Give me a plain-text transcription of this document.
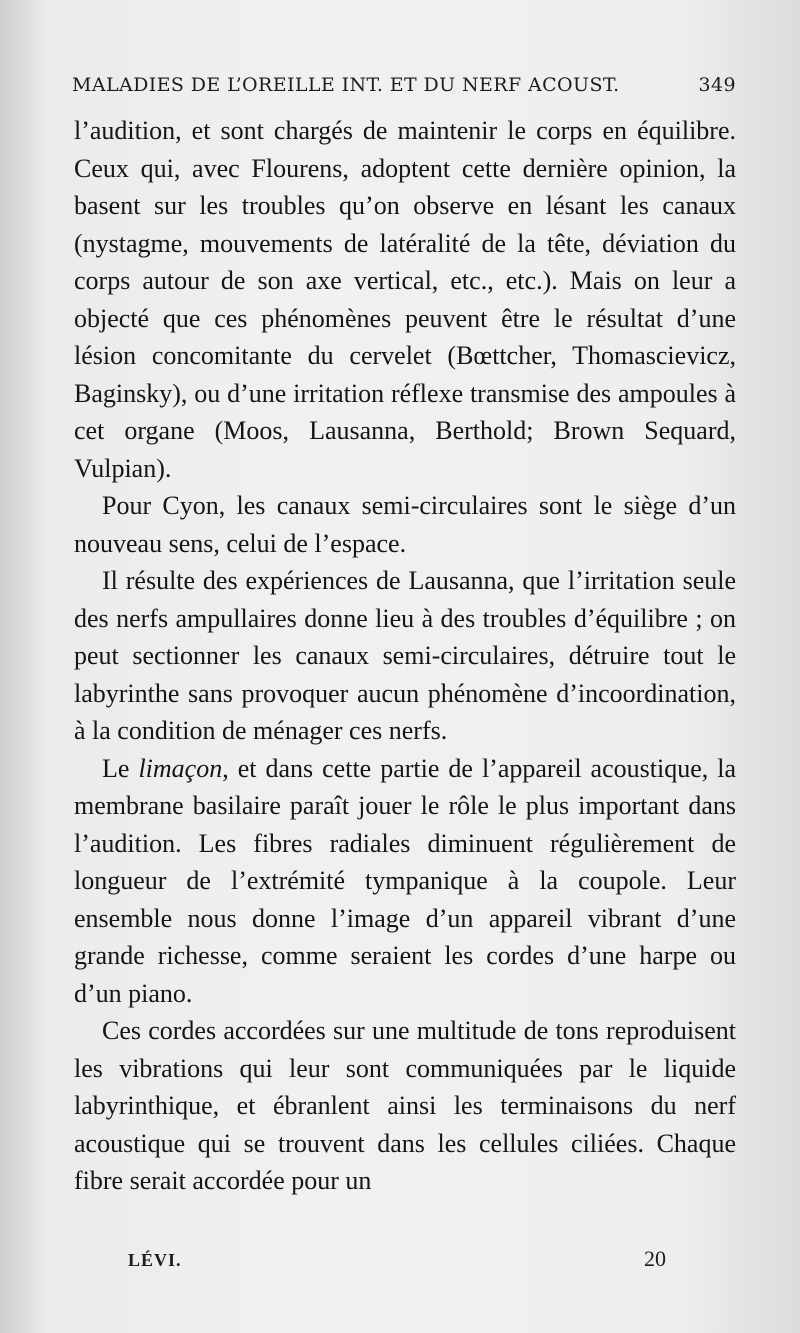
MALADIES DE L’OREILLE INT. ET DU NERF ACOUST.	349

l’audition, et sont chargés de maintenir le corps en équilibre. Ceux qui, avec Flourens, adoptent cette dernière opinion, la basent sur les troubles qu’on observe en lésant les canaux (nystagme, mouvements de latéralité de la tête, déviation du corps autour de son axe vertical, etc., etc.). Mais on leur a objecté que ces phénomènes peuvent être le résultat d’une lésion concomitante du cervelet (Bœttcher, Thomascievicz, Baginsky), ou d’une irritation réflexe transmise des ampoules à cet organe (Moos, Lausanna, Berthold; Brown Sequard, Vulpian).

Pour Cyon, les canaux semi-circulaires sont le siège d’un nouveau sens, celui de l’espace.

Il résulte des expériences de Lausanna, que l’irritation seule des nerfs ampullaires donne lieu à des troubles d’équilibre ; on peut sectionner les canaux semi-circulaires, détruire tout le labyrinthe sans provoquer aucun phénomène d’incoordination, à la condition de ménager ces nerfs.

Le limaçon, et dans cette partie de l’appareil acoustique, la membrane basilaire paraît jouer le rôle le plus important dans l’audition. Les fibres radiales diminuent régulièrement de longueur de l’extrémité tympanique à la coupole. Leur ensemble nous donne l’image d’un appareil vibrant d’une grande richesse, comme seraient les cordes d’une harpe ou d’un piano.

Ces cordes accordées sur une multitude de tons reproduisent les vibrations qui leur sont communiquées par le liquide labyrinthique, et ébranlent ainsi les terminaisons du nerf acoustique qui se trouvent dans les cellules ciliées. Chaque fibre serait accordée pour un

LÉVI.	20
